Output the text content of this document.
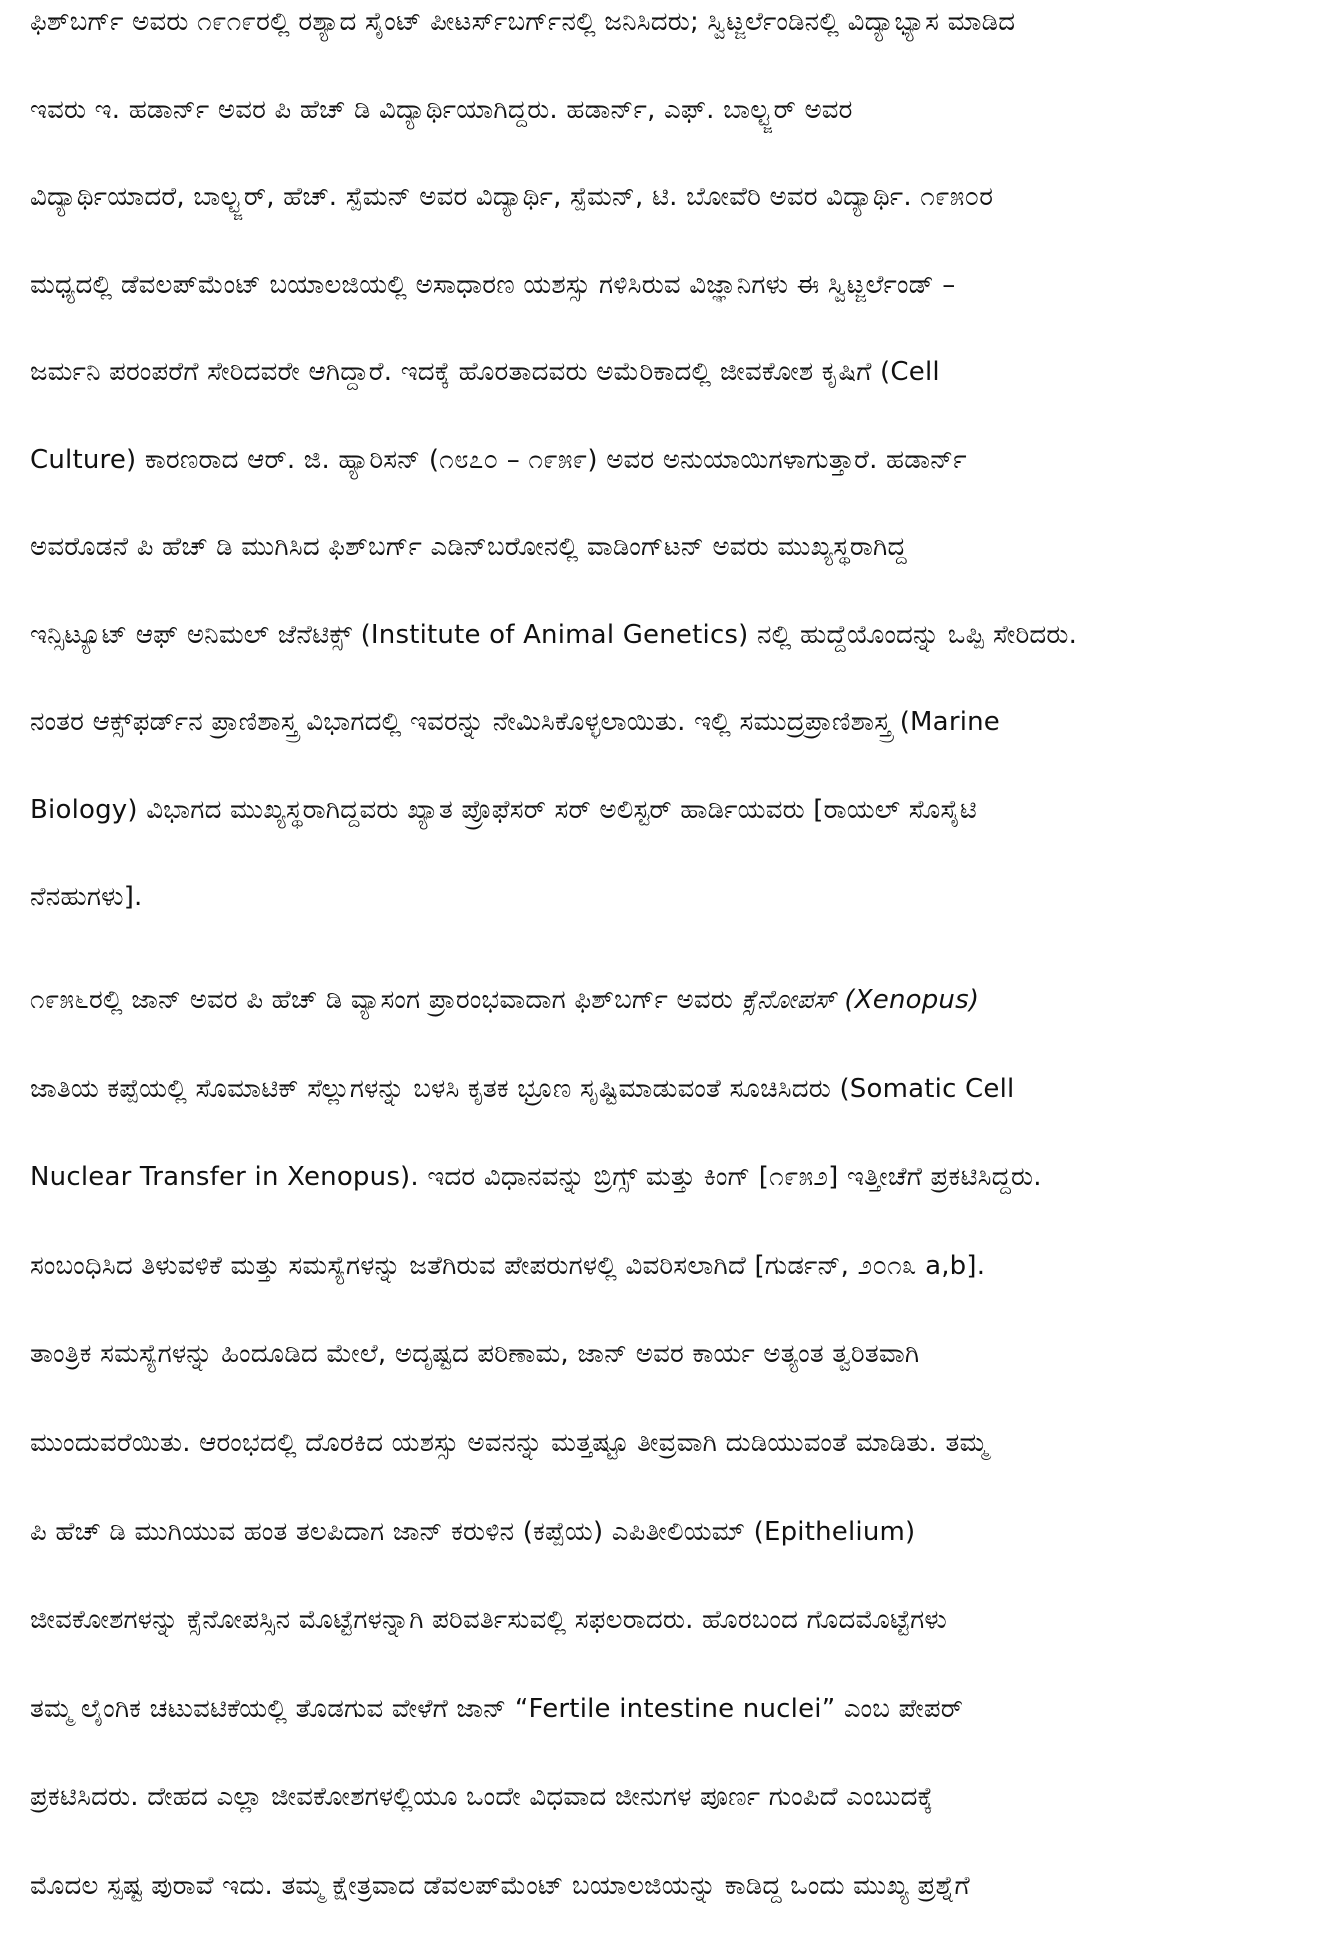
ಫಿಶ್‌ಬರ್ಗ್ ಅವರು ೧೯೧೯ರಲ್ಲಿ ರಶ್ಯಾದ ಸೈಂಟ್ ಪೀಟರ್ಸ್‌ಬರ್ಗ್‌ನಲ್ಲಿ ಜನಿಸಿದರು; ಸ್ವಿಟ್ಜರ್ಲೆಂಡಿನಲ್ಲಿ ವಿದ್ಯಾಭ್ಯಾಸ ಮಾಡಿದ
ಇವರು ಇ. ಹಡಾರ್ನ್ ಅವರ ಪಿ ಹೆಚ್ ಡಿ ವಿದ್ಯಾರ್ಥಿಯಾಗಿದ್ದರು. ಹಡಾರ್ನ್, ಎಫ್. ಬಾಲ್ಟ್ಜರ್ ಅವರ
ವಿದ್ಯಾರ್ಥಿಯಾದರೆ, ಬಾಲ್ಟ್ಜರ್, ಹೆಚ್. ಸ್ಪೆಮನ್ ಅವರ ವಿದ್ಯಾರ್ಥಿ, ಸ್ಪೆಮನ್, ಟಿ. ಬೋವೆರಿ ಅವರ ವಿದ್ಯಾರ್ಥಿ. ೧೯೫೦ರ
ಮಧ್ಯದಲ್ಲಿ ಡೆವಲಪ್‌ಮೆಂಟ್ ಬಯಾಲಜಿಯಲ್ಲಿ ಅಸಾಧಾರಣ ಯಶಸ್ಸು ಗಳಿಸಿರುವ ವಿಜ್ಞಾನಿಗಳು ಈ ಸ್ವಿಟ್ಜರ್ಲೆಂಡ್ –
ಜರ್ಮನಿ ಪರಂಪರೆಗೆ ಸೇರಿದವರೇ ಆಗಿದ್ದಾರೆ. ಇದಕ್ಕೆ ಹೊರತಾದವರು ಅಮೆರಿಕಾದಲ್ಲಿ ಜೀವಕೋಶ ಕೃಷಿಗೆ (Cell
Culture) ಕಾರಣರಾದ ಆರ್. ಜಿ. ಹ್ಯಾರಿಸನ್ (೧೮೭೦ – ೧೯೫೯) ಅವರ ಅನುಯಾಯಿಗಳಾಗುತ್ತಾರೆ. ಹಡಾರ್ನ್
ಅವರೊಡನೆ ಪಿ ಹೆಚ್ ಡಿ ಮುಗಿಸಿದ ಫಿಶ್‌ಬರ್ಗ್ ಎಡಿನ್‌ಬರೋನಲ್ಲಿ ವಾಡಿಂಗ್‌ಟನ್ ಅವರು ಮುಖ್ಯಸ್ಥರಾಗಿದ್ದ
ಇನ್ಸಿಟ್ಯೂಟ್ ಆಫ್ ಅನಿಮಲ್ ಜೆನೆಟಿಕ್ಸ್ (Institute of Animal Genetics) ನಲ್ಲಿ ಹುದ್ದೆಯೊಂದನ್ನು ಒಪ್ಪಿ ಸೇರಿದರು.
ನಂತರ ಆಕ್ಸ್‌ಫರ್ಡ್‌ನ ಪ್ರಾಣಿಶಾಸ್ತ್ರ ವಿಭಾಗದಲ್ಲಿ ಇವರನ್ನು ನೇಮಿಸಿಕೊಳ್ಳಲಾಯಿತು. ಇಲ್ಲಿ ಸಮುದ್ರಪ್ರಾಣಿಶಾಸ್ತ್ರ (Marine
Biology) ವಿಭಾಗದ ಮುಖ್ಯಸ್ಥರಾಗಿದ್ದವರು ಖ್ಯಾತ ಪ್ರೊಫೆಸರ್ ಸರ್ ಅಲಿಸ್ಟರ್ ಹಾರ್ಡಿಯವರು [ರಾಯಲ್ ಸೊಸೈಟಿ
ನೆನಹುಗಳು].
೧೯೫೬ರಲ್ಲಿ ಜಾನ್ ಅವರ ಪಿ ಹೆಚ್ ಡಿ ವ್ಯಾಸಂಗ ಪ್ರಾರಂಭವಾದಾಗ ಫಿಶ್‌ಬರ್ಗ್ ಅವರು ಕ್ಸೆನೋಪಸ್ (Xenopus)
ಜಾತಿಯ ಕಪ್ಪೆಯಲ್ಲಿ ಸೊಮಾಟಿಕ್ ಸೆಲ್ಲುಗಳನ್ನು ಬಳಸಿ ಕೃತಕ ಭ್ರೂಣ ಸೃಷ್ಟಿಮಾಡುವಂತೆ ಸೂಚಿಸಿದರು (Somatic Cell
Nuclear Transfer in Xenopus). ಇದರ ವಿಧಾನವನ್ನು ಬ್ರಿಗ್ಸ್ ಮತ್ತು ಕಿಂಗ್ [೧೯೫೨] ಇತ್ತೀಚೆಗೆ ಪ್ರಕಟಿಸಿದ್ದರು.
ಸಂಬಂಧಿಸಿದ ತಿಳುವಳಿಕೆ ಮತ್ತು ಸಮಸ್ಯೆಗಳನ್ನು ಜತೆಗಿರುವ ಪೇಪರುಗಳಲ್ಲಿ ವಿವರಿಸಲಾಗಿದೆ [ಗುರ್ಡನ್, ೨೦೧೩ a,b].
ತಾಂತ್ರಿಕ ಸಮಸ್ಯೆಗಳನ್ನು ಹಿಂದೂಡಿದ ಮೇಲೆ, ಅದೃಷ್ಟದ ಪರಿಣಾಮ, ಜಾನ್ ಅವರ ಕಾರ್ಯ ಅತ್ಯಂತ ತ್ವರಿತವಾಗಿ
ಮುಂದುವರೆಯಿತು. ಆರಂಭದಲ್ಲಿ ದೊರಕಿದ ಯಶಸ್ಸು ಅವನನ್ನು ಮತ್ತಷ್ಟೂ ತೀವ್ರವಾಗಿ ದುಡಿಯುವಂತೆ ಮಾಡಿತು. ತಮ್ಮ
ಪಿ ಹೆಚ್ ಡಿ ಮುಗಿಯುವ ಹಂತ ತಲಪಿದಾಗ ಜಾನ್ ಕರುಳಿನ (ಕಪ್ಪೆಯ) ಎಪಿತೀಲಿಯಮ್ (Epithelium)
ಜೀವಕೋಶಗಳನ್ನು ಕ್ಸೆನೋಪಸ್ಸಿನ ಮೊಟ್ಟೆಗಳನ್ನಾಗಿ ಪರಿವರ್ತಿಸುವಲ್ಲಿ ಸಫಲರಾದರು. ಹೊರಬಂದ ಗೊದಮೊಟ್ಟೆಗಳು
ತಮ್ಮ ಲೈಂಗಿಕ ಚಟುವಟಿಕೆಯಲ್ಲಿ ತೊಡಗುವ ವೇಳೆಗೆ ಜಾನ್ “Fertile intestine nuclei” ಎಂಬ ಪೇಪರ್
ಪ್ರಕಟಿಸಿದರು. ದೇಹದ ಎಲ್ಲಾ ಜೀವಕೋಶಗಳಲ್ಲಿಯೂ ಒಂದೇ ವಿಧವಾದ ಜೀನುಗಳ ಪೂರ್ಣ ಗುಂಪಿದೆ ಎಂಬುದಕ್ಕೆ
ಮೊದಲ ಸ್ಪಷ್ಟ ಪುರಾವೆ ಇದು. ತಮ್ಮ ಕ್ಷೇತ್ರವಾದ ಡೆವಲಪ್‌ಮೆಂಟ್ ಬಯಾಲಜಿಯನ್ನು ಕಾಡಿದ್ದ ಒಂದು ಮುಖ್ಯ ಪ್ರಶ್ನೆಗೆ
